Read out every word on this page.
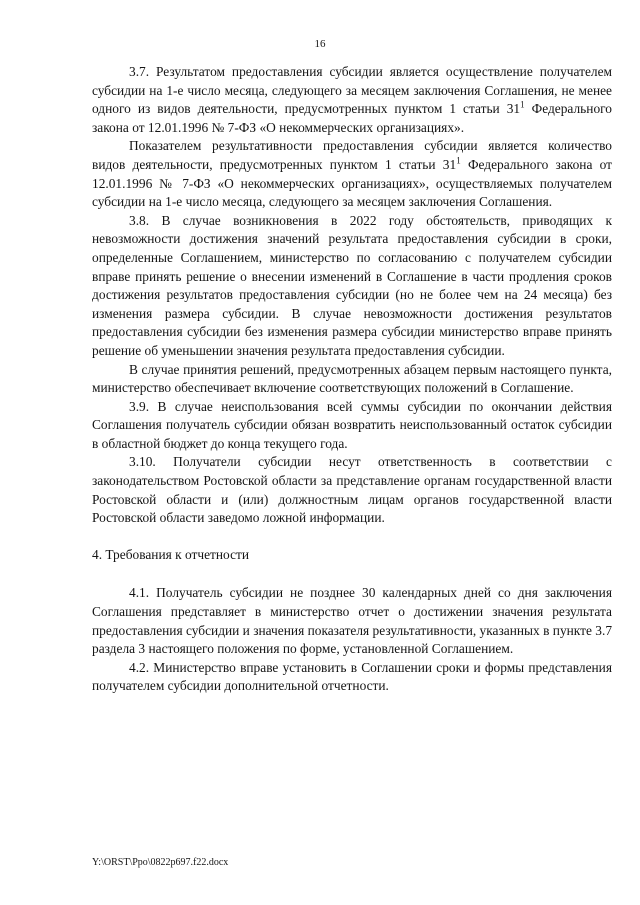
16

3.7. Результатом предоставления субсидии является осуществление получателем субсидии на 1-е число месяца, следующего за месяцем заключения Соглашения, не менее одного из видов деятельности, предусмотренных пунктом 1 статьи $31^1$ Федерального закона от 12.01.1996 № 7-ФЗ «О некоммерческих организациях».

Показателем результативности предоставления субсидии является количество видов деятельности, предусмотренных пунктом 1 статьи $31^1$ Федерального закона от 12.01.1996 № 7-ФЗ «О некоммерческих организациях», осуществляемых получателем субсидии на 1-е число месяца, следующего за месяцем заключения Соглашения.

3.8. В случае возникновения в 2022 году обстоятельств, приводящих к невозможности достижения значений результата предоставления субсидии в сроки, определенные Соглашением, министерство по согласованию с получателем субсидии вправе принять решение о внесении изменений в Соглашение в части продления сроков достижения результатов предоставления субсидии (но не более чем на 24 месяца) без изменения размера субсидии. В случае невозможности достижения результатов предоставления субсидии без изменения размера субсидии министерство вправе принять решение об уменьшении значения результата предоставления субсидии.

В случае принятия решений, предусмотренных абзацем первым настоящего пункта, министерство обеспечивает включение соответствующих положений в Соглашение.

3.9. В случае неиспользования всей суммы субсидии по окончании действия Соглашения получатель субсидии обязан возвратить неиспользованный остаток субсидии в областной бюджет до конца текущего года.

3.10. Получатели субсидии несут ответственность в соответствии с законодательством Ростовской области за представление органам государственной власти Ростовской области и (или) должностным лицам органов государственной власти Ростовской области заведомо ложной информации.

4. Требования к отчетности

4.1. Получатель субсидии не позднее 30 календарных дней со дня заключения Соглашения представляет в министерство отчет о достижении значения результата предоставления субсидии и значения показателя результативности, указанных в пункте 3.7 раздела 3 настоящего положения по форме, установленной Соглашением.

4.2. Министерство вправе установить в Соглашении сроки и формы представления получателем субсидии дополнительной отчетности.

Y:\ORST\Ppo\0822p697.f22.docx
